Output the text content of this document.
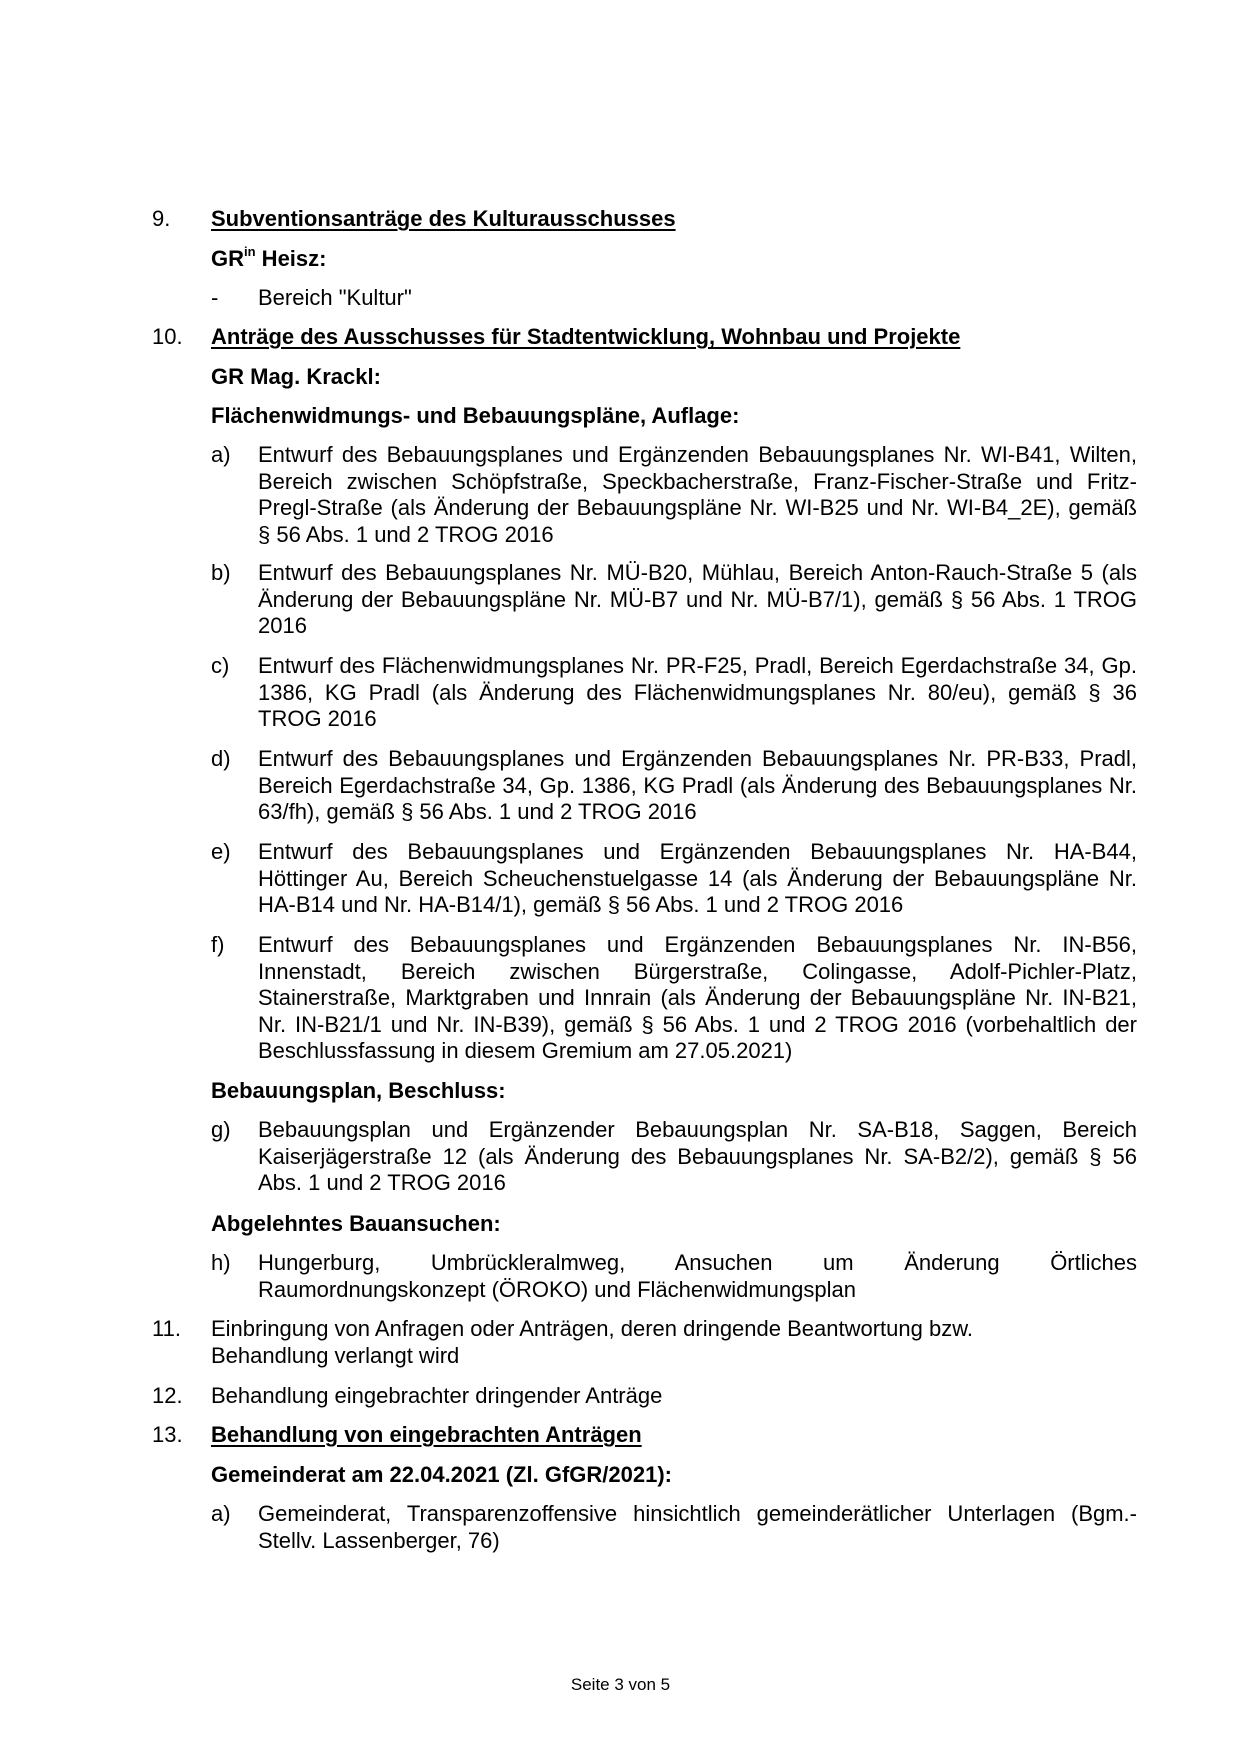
9. Subventionsanträge des Kulturausschusses
$GR^{in}$ Heisz:
- Bereich "Kultur"
10. Anträge des Ausschusses für Stadtentwicklung, Wohnbau und Projekte
GR Mag. Krackl:
Flächenwidmungs- und Bebauungspläne, Auflage:
a) Entwurf des Bebauungsplanes und Ergänzenden Bebauungsplanes Nr. WI-B41, Wilten, Bereich zwischen Schöpfstraße, Speckbacherstraße, Franz-Fischer-Straße und Fritz-Pregl-Straße (als Änderung der Bebauungspläne Nr. WI-B25 und Nr. WI-B4_2E), gemäß § 56 Abs. 1 und 2 TROG 2016
b) Entwurf des Bebauungsplanes Nr. MÜ-B20, Mühlau, Bereich Anton-Rauch-Straße 5 (als Änderung der Bebauungspläne Nr. MÜ-B7 und Nr. MÜ-B7/1), gemäß § 56 Abs. 1 TROG 2016
c) Entwurf des Flächenwidmungsplanes Nr. PR-F25, Pradl, Bereich Egerdachstraße 34, Gp. 1386, KG Pradl (als Änderung des Flächenwidmungsplanes Nr. 80/eu), gemäß § 36 TROG 2016
d) Entwurf des Bebauungsplanes und Ergänzenden Bebauungsplanes Nr. PR-B33, Pradl, Bereich Egerdachstraße 34, Gp. 1386, KG Pradl (als Änderung des Bebauungsplanes Nr. 63/fh), gemäß § 56 Abs. 1 und 2 TROG 2016
e) Entwurf des Bebauungsplanes und Ergänzenden Bebauungsplanes Nr. HA-B44, Höttinger Au, Bereich Scheuchenstuelgasse 14 (als Änderung der Bebauungspläne Nr. HA-B14 und Nr. HA-B14/1), gemäß § 56 Abs. 1 und 2 TROG 2016
f) Entwurf des Bebauungsplanes und Ergänzenden Bebauungsplanes Nr. IN-B56, Innenstadt, Bereich zwischen Bürgerstraße, Colingasse, Adolf-Pichler-Platz, Stainerstraße, Marktgraben und Innrain (als Änderung der Bebauungspläne Nr. IN-B21, Nr. IN-B21/1 und Nr. IN-B39), gemäß § 56 Abs. 1 und 2 TROG 2016 (vorbehaltlich der Beschlussfassung in diesem Gremium am 27.05.2021)
Bebauungsplan, Beschluss:
g) Bebauungsplan und Ergänzender Bebauungsplan Nr. SA-B18, Saggen, Bereich Kaiserjägerstraße 12 (als Änderung des Bebauungsplanes Nr. SA-B2/2), gemäß § 56 Abs. 1 und 2 TROG 2016
Abgelehntes Bauansuchen:
h) Hungerburg, Umbrückleralmweg, Ansuchen um Änderung Örtliches Raumordnungskonzept (ÖROKO) und Flächenwidmungsplan
11. Einbringung von Anfragen oder Anträgen, deren dringende Beantwortung bzw. Behandlung verlangt wird
12. Behandlung eingebrachter dringender Anträge
13. Behandlung von eingebrachten Anträgen
Gemeinderat am 22.04.2021 (Zl. GfGR/2021):
a) Gemeinderat, Transparenzoffensive hinsichtlich gemeinderätlicher Unterlagen (Bgm.-Stellv. Lassenberger, 76)
Seite 3 von 5
